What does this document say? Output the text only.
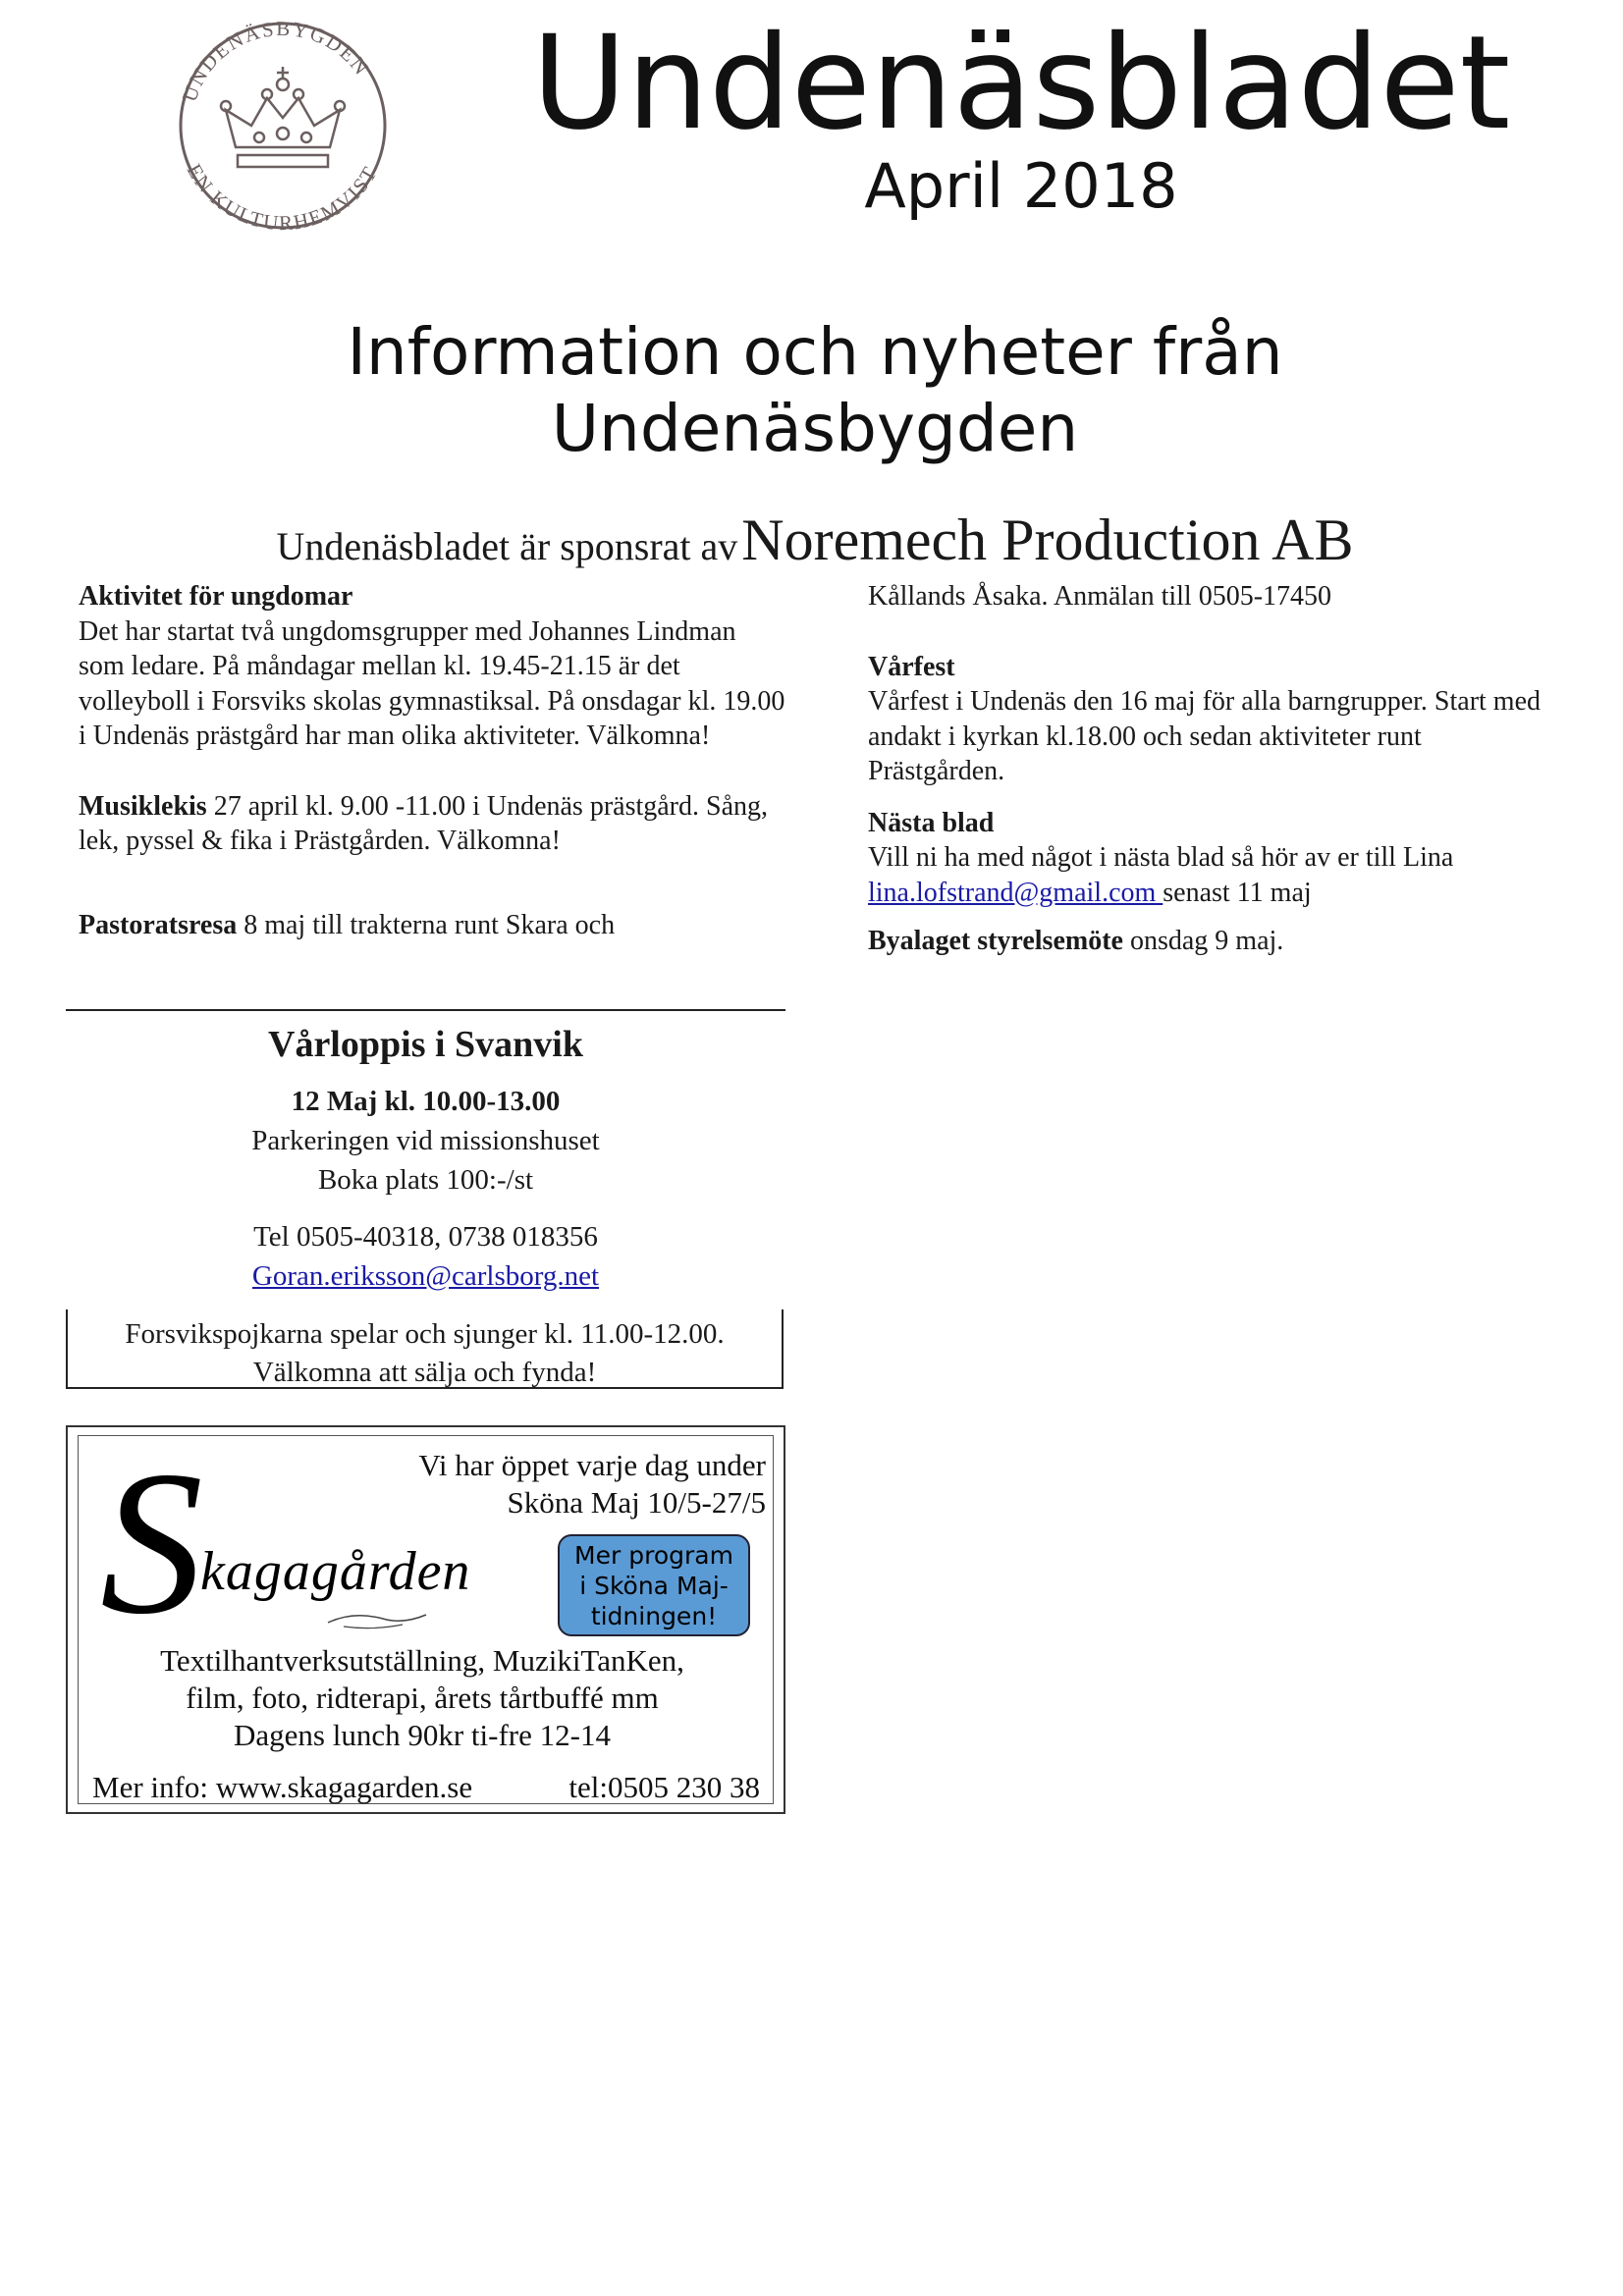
UNDENÄSBYGDEN
EN KULTURHEMVIST
Undenäsbladet
April 2018
Information och nyheter från Undenäsbygden
Undenäsbladet är sponsrat av Noremech Production AB

Aktivitet för ungdomar

Det har startat två ungdomsgrupper med Johannes Lindman som ledare. På måndagar mellan kl. 19.45-21.15 är det volleyboll i Forsviks skolas gymnastiksal. På onsdagar kl. 19.00 i Undenäs prästgård har man olika aktiviteter. Välkomna!

Musiklekis 27 april kl. 9.00 -11.00 i Undenäs prästgård. Sång, lek, pyssel & fika i Prästgården. Välkomna!

Pastoratsresa 8 maj till trakterna runt Skara och

Kållands Åsaka. Anmälan till 0505-17450

Vårfest

Vårfest i Undenäs den 16 maj för alla barngrupper. Start med andakt i kyrkan kl.18.00 och sedan aktiviteter runt Prästgården.

Nästa blad

Vill ni ha med något i nästa blad så hör av er till Lina

lina.lofstrand@gmail.com senast 11 maj

Byalaget styrelsemöte onsdag 9 maj.

Vårloppis i Svanvik
12 Maj kl. 10.00-13.00
Parkeringen vid missionshuset
Boka plats 100:-/st
Tel 0505-40318, 0738 018356
Goran.eriksson@carlsborg.net
Forsvikspojkarna spelar och sjunger kl. 11.00-12.00.
Välkomna att sälja och fynda!
S
kagagården
Vi har öppet varje dag under
Sköna Maj 10/5-27/5
Mer program
i Sköna Maj-
tidningen!
Textilhantverksutställning, MuzikiTanKen,
film, foto, ridterapi, årets tårtbuffé mm
Dagens lunch 90kr ti-fre 12-14
Mer info: www.skagagarden.se	tel:0505 230 38
